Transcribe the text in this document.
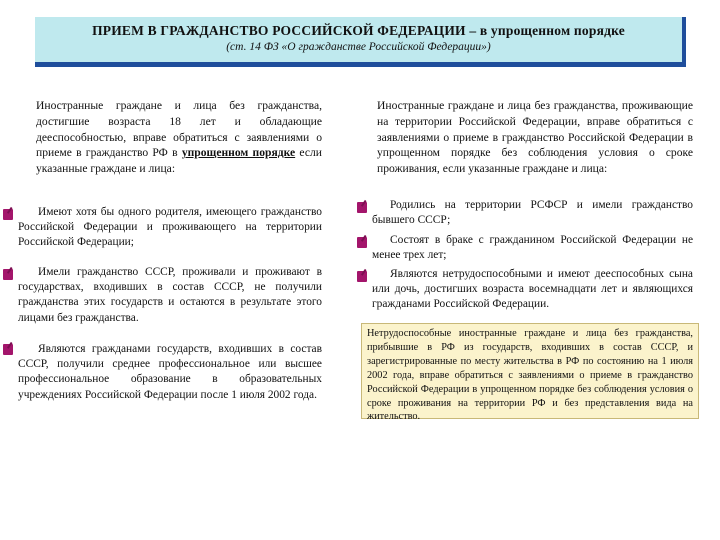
ПРИЕМ В ГРАЖДАНСТВО РОССИЙСКОЙ ФЕДЕРАЦИИ – в упрощенном порядке
(ст. 14 ФЗ «О гражданстве Российской Федерации»)
Иностранные граждане и лица без гражданства, достигшие возраста 18 лет и обладающие дееспособностью, вправе обратиться с заявлениями о приеме в гражданство РФ в упрощенном порядке если указанные граждане и лица:
Иностранные граждане и лица без гражданства, проживающие на территории Российской Федерации, вправе обратиться с заявлениями о приеме в гражданство Российской Федерации в упрощенном порядке без соблюдения условия о сроке проживания, если указанные граждане и лица:
Имеют хотя бы одного родителя, имеющего гражданство Российской Федерации и проживающего на территории Российской Федерации;
Имели гражданство СССР, проживали и проживают в государствах, входивших в состав СССР, не получили гражданства этих государств и остаются в результате этого лицами без гражданства.
Являются гражданами государств, входивших в состав СССР, получили среднее профессиональное или высшее профессиональное образование в образовательных учреждениях Российской Федерации после 1 июля 2002 года.
Родились на территории РСФСР и имели гражданство бывшего СССР;
Состоят в браке с гражданином Российской Федерации не менее трех лет;
Являются нетрудоспособными и имеют дееспособных сына или дочь, достигших возраста восемнадцати лет и являющихся гражданами Российской Федерации.
Нетрудоспособные иностранные граждане и лица без гражданства, прибывшие в РФ из государств, входивших в состав СССР, и зарегистрированные по месту жительства в РФ по состоянию на 1 июля 2002 года, вправе обратиться с заявлениями о приеме в гражданство Российской Федерации в упрощенном порядке без соблюдения условия о сроке проживания на территории РФ и без представления вида на жительство.
